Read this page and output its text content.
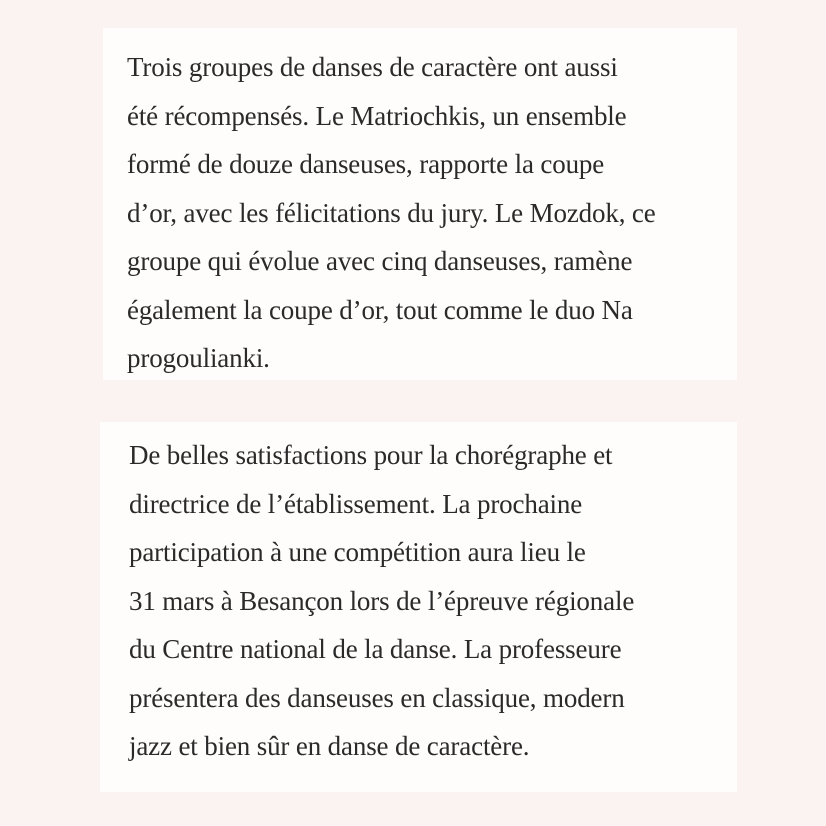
Trois groupes de danses de caractère ont aussi
été récompensés. Le Matriochkis, un ensemble
formé de douze danseuses, rapporte la coupe
d’or, avec les félicitations du jury. Le Mozdok, ce
groupe qui évolue avec cinq danseuses, ramène
également la coupe d’or, tout comme le duo Na
progoulianki.

De belles satisfactions pour la chorégraphe et
directrice de l’établissement. La prochaine
participation à une compétition aura lieu le
31 mars à Besançon lors de l’épreuve régionale
du Centre national de la danse. La professeure
présentera des danseuses en classique, modern
jazz et bien sûr en danse de caractère.
